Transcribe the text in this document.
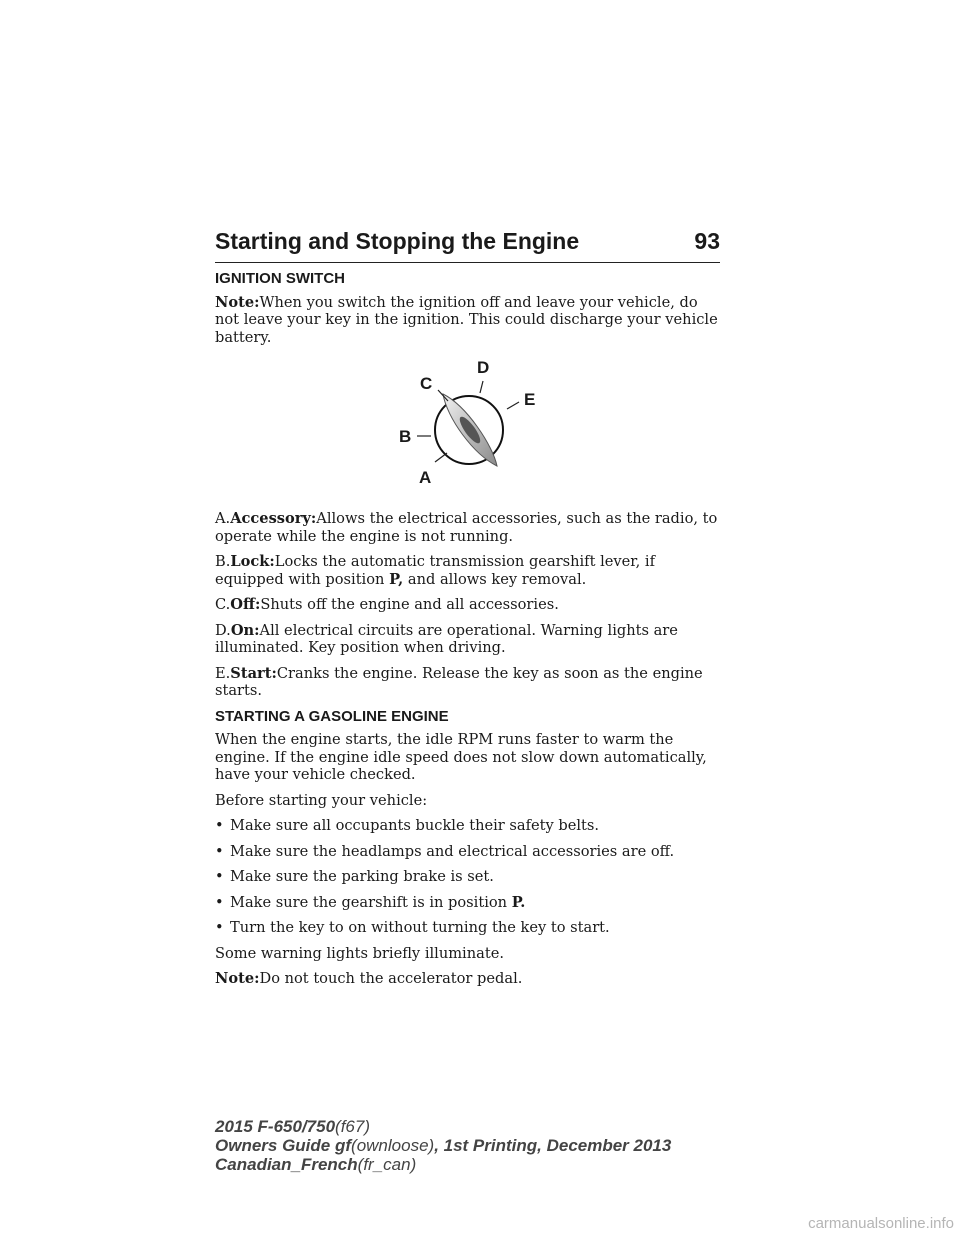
Starting and Stopping the Engine	93
IGNITION SWITCH

Note:When you switch the ignition off and leave your vehicle, do not leave your key in the ignition. This could discharge your vehicle battery.

A
B
C
D
E

A.Accessory:Allows the electrical accessories, such as the radio, to operate while the engine is not running.

B.Lock:Locks the automatic transmission gearshift lever, if equipped with position P, and allows key removal.

C.Off:Shuts off the engine and all accessories.

D.On:All electrical circuits are operational. Warning lights are illuminated. Key position when driving.

E.Start:Cranks the engine. Release the key as soon as the engine starts.

STARTING A GASOLINE ENGINE

When the engine starts, the idle RPM runs faster to warm the engine. If the engine idle speed does not slow down automatically, have your vehicle checked.

Before starting your vehicle:

• Make sure all occupants buckle their safety belts.
• Make sure the headlamps and electrical accessories are off.
• Make sure the parking brake is set.
• Make sure the gearshift is in position P.
• Turn the key to on without turning the key to start.

Some warning lights briefly illuminate.

Note:Do not touch the accelerator pedal.

2015 F-650/750(f67)
Owners Guide gf(ownloose), 1st Printing, December 2013
Canadian_French(fr_can)
carmanualsonline.info
